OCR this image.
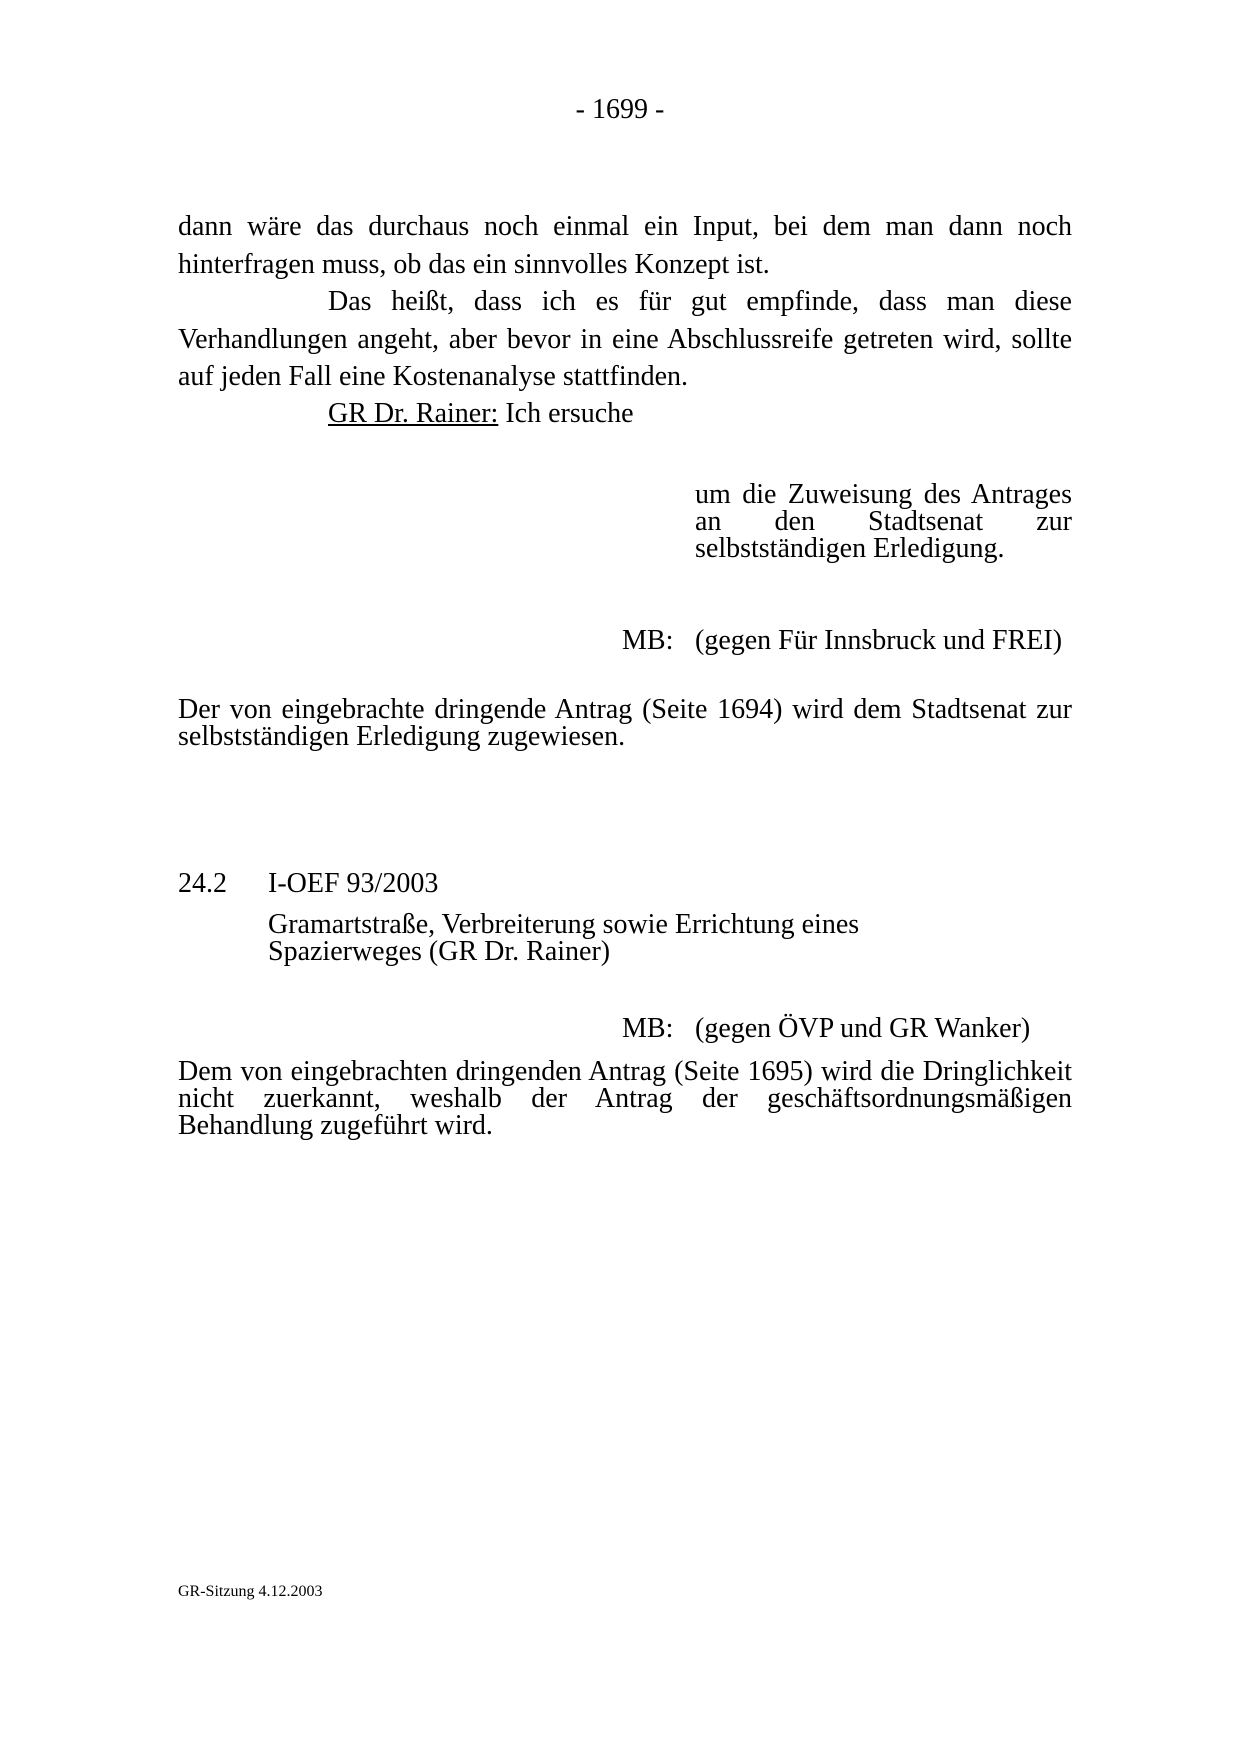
- 1699 -
dann wäre das durchaus noch einmal ein Input, bei dem man dann noch hinterfragen muss, ob das ein sinnvolles Konzept ist.
Das heißt, dass ich es für gut empfinde, dass man diese Verhandlungen angeht, aber bevor in eine Abschlussreife getreten wird, sollte auf jeden Fall eine Kostenanalyse stattfinden.
GR Dr. Rainer: Ich ersuche
um die Zuweisung des Antrages an den Stadtsenat zur selbstständigen Erledigung.
MB: (gegen Für Innsbruck und FREI)
Der von eingebrachte dringende Antrag (Seite 1694) wird dem Stadtsenat zur selbstständigen Erledigung zugewiesen.
24.2 I-OEF 93/2003
Gramartstraße, Verbreiterung sowie Errichtung eines Spazierweges (GR Dr. Rainer)
MB: (gegen ÖVP und GR Wanker)
Dem von eingebrachten dringenden Antrag (Seite 1695) wird die Dringlichkeit nicht zuerkannt, weshalb der Antrag der geschäftsordnungsmäßigen Behandlung zugeführt wird.
GR-Sitzung 4.12.2003
